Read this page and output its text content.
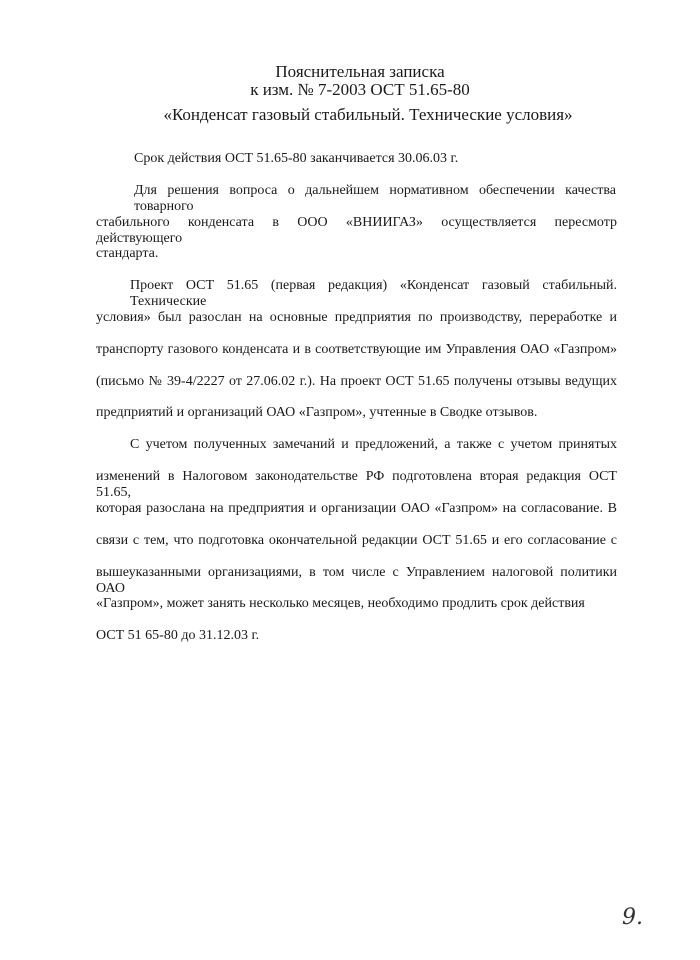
Пояснительная записка
к изм. № 7-2003 ОСТ 51.65-80
«Конденсат газовый стабильный. Технические условия»
Срок действия ОСТ 51.65-80 заканчивается 30.06.03 г.
Для решения вопроса о дальнейшем нормативном обеспечении качества товарного
стабильного конденсата в ООО «ВНИИГАЗ» осуществляется пересмотр действующего
стандарта.
Проект ОСТ 51.65 (первая редакция) «Конденсат газовый стабильный. Технические
условия» был разослан на основные предприятия по производству, переработке и
транспорту газового конденсата и в соответствующие им Управления ОАО «Газпром»
(письмо № 39-4/2227 от 27.06.02 г.). На проект ОСТ 51.65 получены отзывы ведущих
предприятий и организаций ОАО «Газпром», учтенные в Сводке отзывов.
С учетом полученных замечаний и предложений, а также с учетом принятых
изменений в Налоговом законодательстве РФ подготовлена вторая редакция ОСТ 51.65,
которая разослана на предприятия и организации ОАО «Газпром» на согласование. В
связи с тем, что подготовка окончательной редакции ОСТ 51.65 и его согласование с
вышеуказанными организациями, в том числе с Управлением налоговой политики ОАО
«Газпром», может занять несколько месяцев, необходимо продлить срок действия
ОСТ 51 65-80 до 31.12.03 г.
9.
